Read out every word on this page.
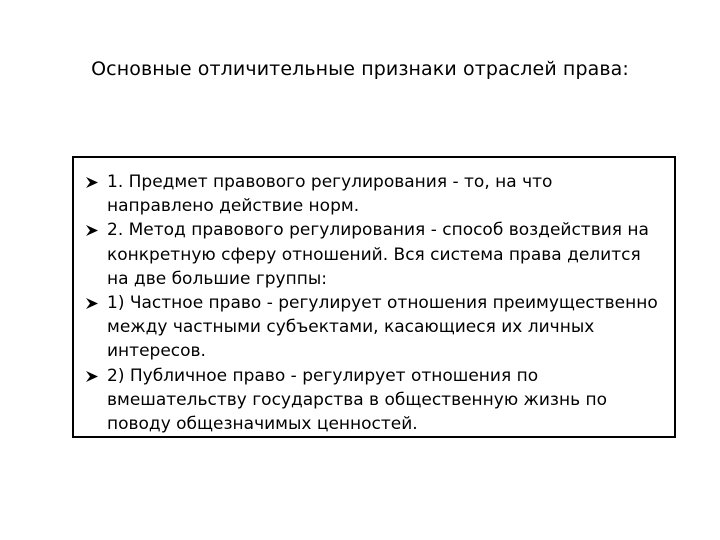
Основные отличительные признаки отраслей права:
1. Предмет правового регулирования - то, на что направлено действие норм.
2. Метод правового регулирования - способ воздействия на конкретную сферу отношений. Вся система права делится на две большие группы:
1) Частное право - регулирует отношения преимущественно между частными субъектами, касающиеся их личных интересов.
2) Публичное право - регулирует отношения по вмешательству государства в общественную жизнь по поводу общезначимых ценностей.
